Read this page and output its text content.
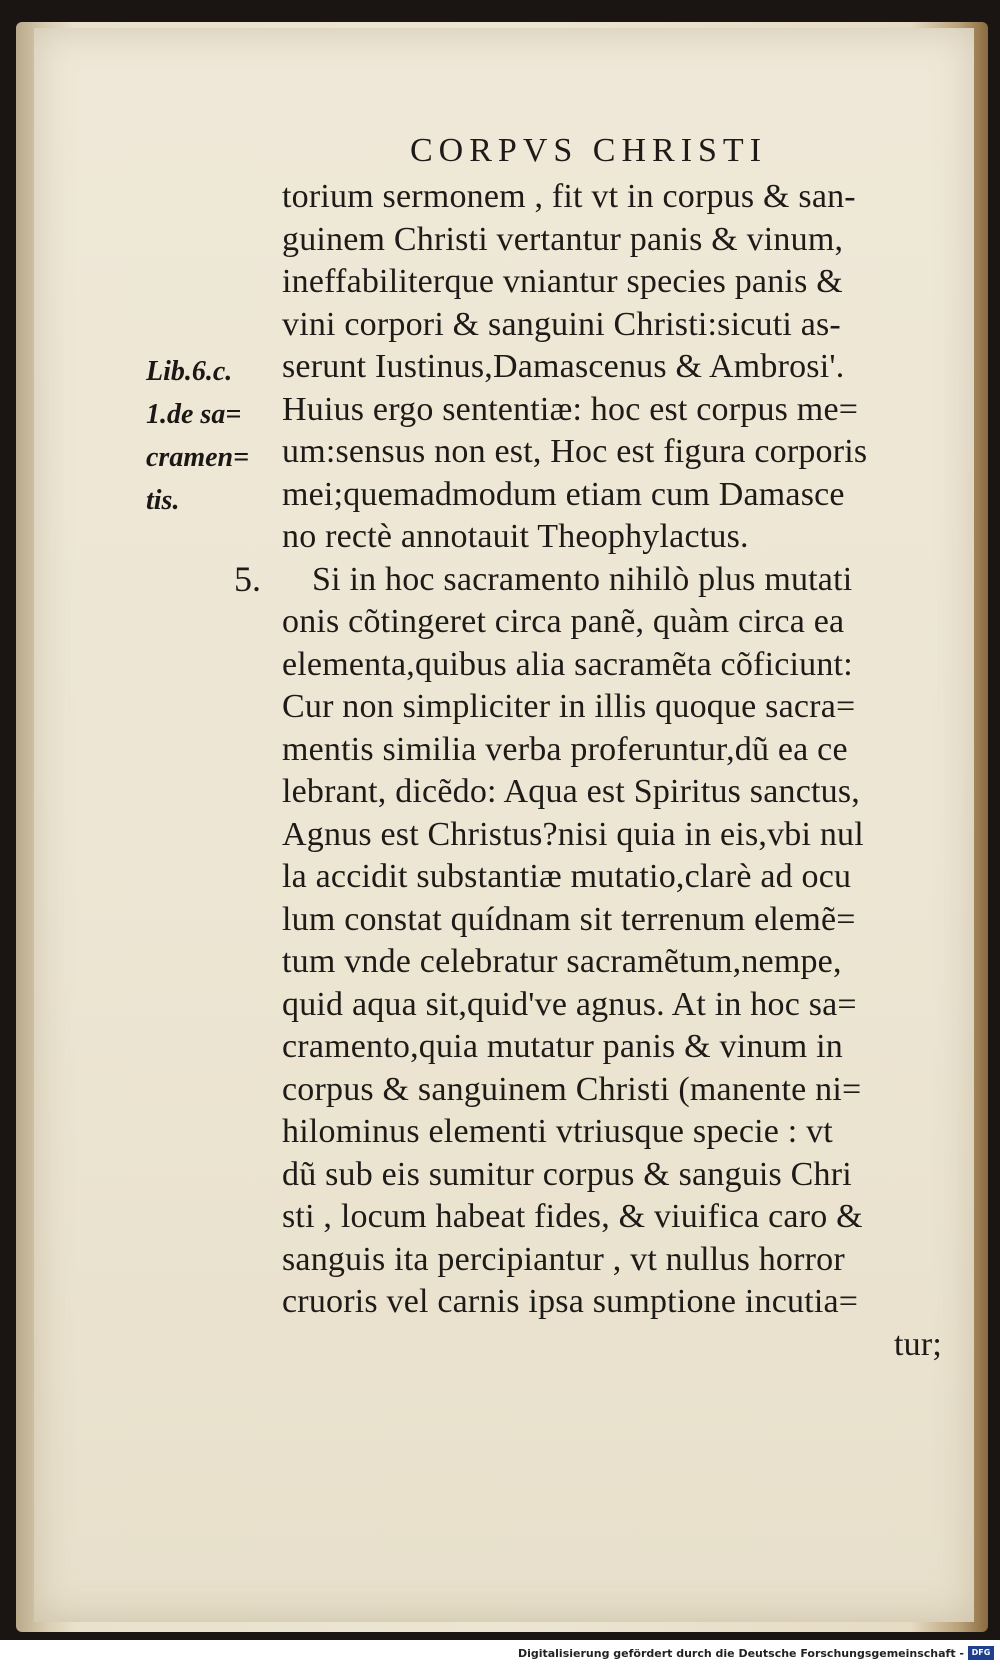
CORPVS CHRISTI
Lib.6.c.
1.de sa=
cramen=
tis.
5.
torium sermonem , fit vt in corpus & san-
guinem Christi vertantur panis & vinum,
ineffabiliterque vniantur species panis &
vini corpori & sanguini Christi:sicuti as-
serunt Iustinus,Damascenus & Ambrosi'.
Huius ergo sententiæ: hoc est corpus me=
um:sensus non est, Hoc est figura corporis
mei;quemadmodum etiam cum Damasce
no rectè annotauit Theophylactus.
Si in hoc sacramento nihilò plus mutati
onis cõtingeret circa panẽ, quàm circa ea
elementa,quibus alia sacramẽta cõficiunt:
Cur non simpliciter in illis quoque sacra=
mentis similia verba proferuntur,dũ ea ce
lebrant, dicẽdo: Aqua est Spiritus sanctus,
Agnus est Christus?nisi quia in eis,vbi nul
la accidit substantiæ mutatio,clarè ad ocu
lum constat quídnam sit terrenum elemẽ=
tum vnde celebratur sacramẽtum,nempe,
quid aqua sit,quid've agnus. At in hoc sa=
cramento,quia mutatur panis & vinum in
corpus & sanguinem Christi (manente ni=
hilominus elementi vtriusque specie : vt
dũ sub eis sumitur corpus & sanguis Chri
sti , locum habeat fides, & viuifica caro &
sanguis ita percipiantur , vt nullus horror
cruoris vel carnis ipsa sumptione incutia=
tur;
Digitalisierung gefördert durch die Deutsche Forschungsgemeinschaft - DFG
